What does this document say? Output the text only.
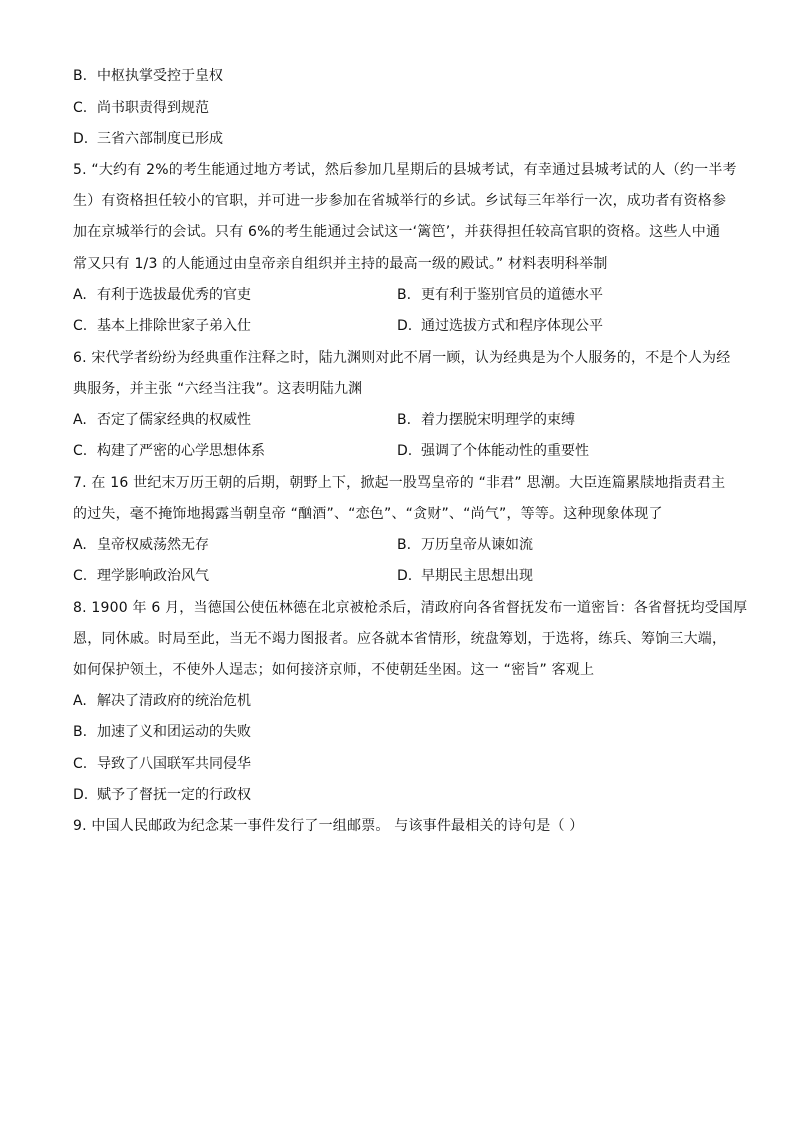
B. 中枢执掌受控于皇权
C. 尚书职责得到规范
D. 三省六部制度已形成
5. “大约有 2%的考生能通过地方考试，然后参加几星期后的县城考试，有幸通过县城考试的人（约一半考
生）有资格担任较小的官职，并可进一步参加在省城举行的乡试。乡试每三年举行一次，成功者有资格参
加在京城举行的会试。只有 6%的考生能通过会试这一‘篱笆’，并获得担任较高官职的资格。这些人中通
常又只有 1/3 的人能通过由皇帝亲自组织并主持的最高一级的殿试。” 材料表明科举制
A. 有利于选拔最优秀的官吏	B. 更有利于鉴别官员的道德水平
C. 基本上排除世家子弟入仕	D. 通过选拔方式和程序体现公平
6. 宋代学者纷纷为经典重作注释之时，陆九渊则对此不屑一顾，认为经典是为个人服务的，不是个人为经
典服务，并主张 “六经当注我”。这表明陆九渊
A. 否定了儒家经典的权威性	B. 着力摆脱宋明理学的束缚
C. 构建了严密的心学思想体系	D. 强调了个体能动性的重要性
7. 在 16 世纪末万历王朝的后期，朝野上下，掀起一股骂皇帝的 “非君” 思潮。大臣连篇累牍地指责君主
的过失，毫不掩饰地揭露当朝皇帝 “酗酒”、“恋色”、“贪财”、“尚气”，等等。这种现象体现了
A. 皇帝权威荡然无存	B. 万历皇帝从谏如流
C. 理学影响政治风气	D. 早期民主思想出现
8. 1900 年 6 月，当德国公使伍林德在北京被枪杀后，清政府向各省督抚发布一道密旨：各省督抚均受国厚
恩，同休戚。时局至此，当无不竭力图报者。应各就本省情形，统盘筹划，于选将，练兵、筹饷三大端，
如何保护领土，不使外人逞志；如何接济京师，不使朝廷坐困。这一 “密旨” 客观上
A. 解决了清政府的统治危机
B. 加速了义和团运动的失败
C. 导致了八国联军共同侵华
D. 赋予了督抚一定的行政权
9. 中国人民邮政为纪念某一事件发行了一组邮票。 与该事件最相关的诗句是（ ）
